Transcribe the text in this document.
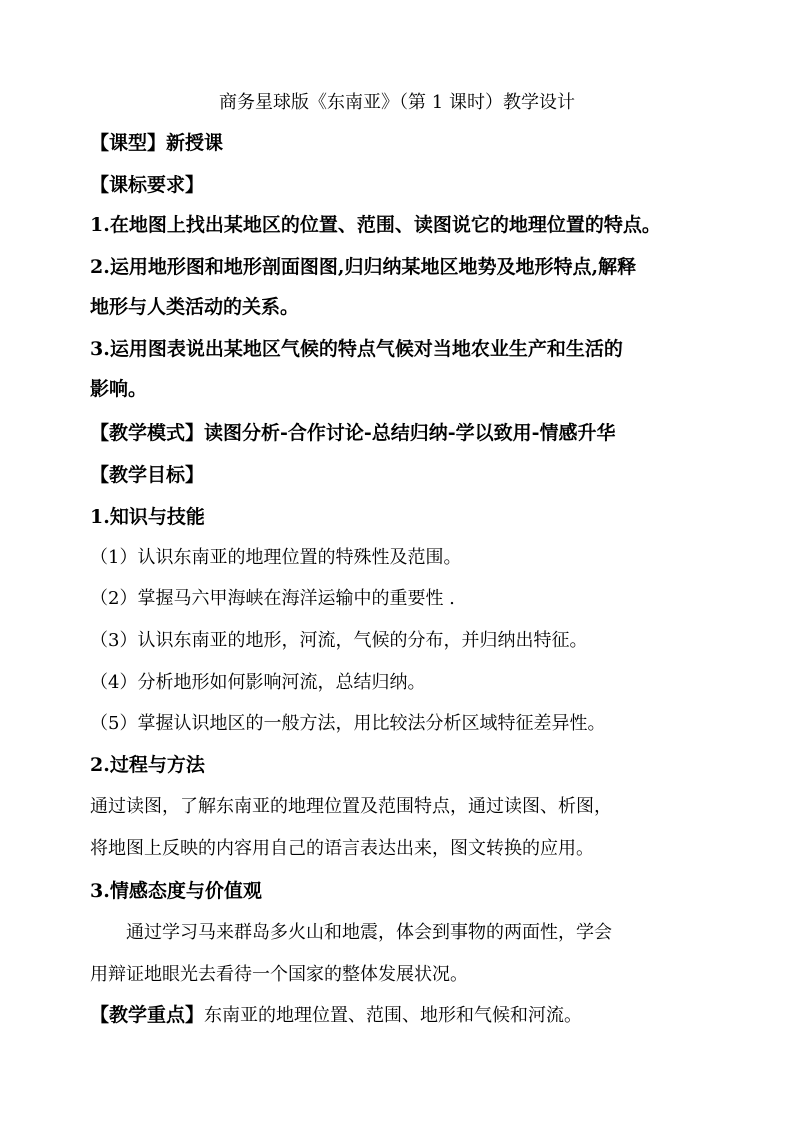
商务星球版《东南亚》（第 1 课时）教学设计

【课型】新授课

【课标要求】

1.在地图上找出某地区的位置、范围、读图说它的地理位置的特点。

2.运用地形图和地形剖面图图,归归纳某地区地势及地形特点,解释

地形与人类活动的关系。

3.运用图表说出某地区气候的特点气候对当地农业生产和生活的

影响。

【教学模式】读图分析-合作讨论-总结归纳-学以致用-情感升华

【教学目标】

1.知识与技能

（1）认识东南亚的地理位置的特殊性及范围。

（2）掌握马六甲海峡在海洋运输中的重要性 .

（3）认识东南亚的地形，河流，气候的分布，并归纳出特征。

（4）分析地形如何影响河流，总结归纳。

（5）掌握认识地区的一般方法，用比较法分析区域特征差异性。

2.过程与方法

通过读图，了解东南亚的地理位置及范围特点，通过读图、析图，

将地图上反映的内容用自己的语言表达出来，图文转换的应用。

3.情感态度与价值观

通过学习马来群岛多火山和地震，体会到事物的两面性，学会

用辩证地眼光去看待一个国家的整体发展状况。

【教学重点】东南亚的地理位置、范围、地形和气候和河流。
